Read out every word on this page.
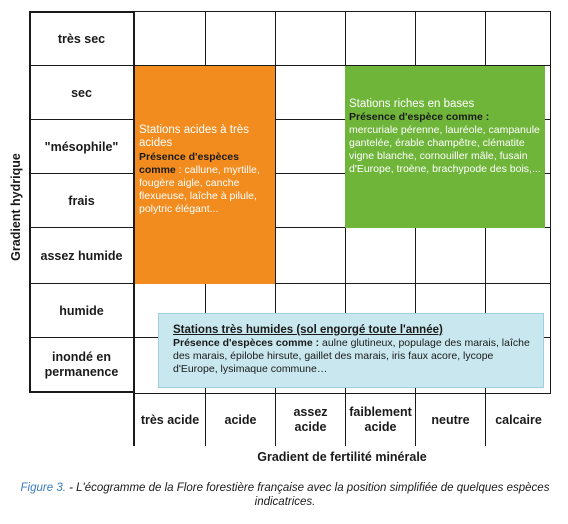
Gradient hydrique
très sec
sec
"mésophile"
frais
assez humide
humide
inondé en permanence
Stations acides à très acides
Présence d'espèces comme : callune, myrtille, fougère aigle, canche flexueuse, laîche à pilule, polytric élégant...
Stations riches en bases
Présence d'espèce comme :
mercuriale pérenne, lauréole, campanule gantelée, érable champêtre, clématite vigne blanche, cornouiller mâle, fusain d'Europe, troène, brachypode des bois,...
Stations très humides (sol engorgé toute l'année)
Présence d'espèces comme : aulne glutineux, populage des marais, laîche des marais, épilobe hirsute, gaillet des marais, iris faux acore, lycope d'Europe, lysimaque commune…
très acide	acide
assez acide
faiblement acide
neutre	calcaire
Gradient de fertilité minérale
Figure 3. - L'écogramme de la Flore forestière française avec la position simplifiée de quelques espèces indicatrices.
